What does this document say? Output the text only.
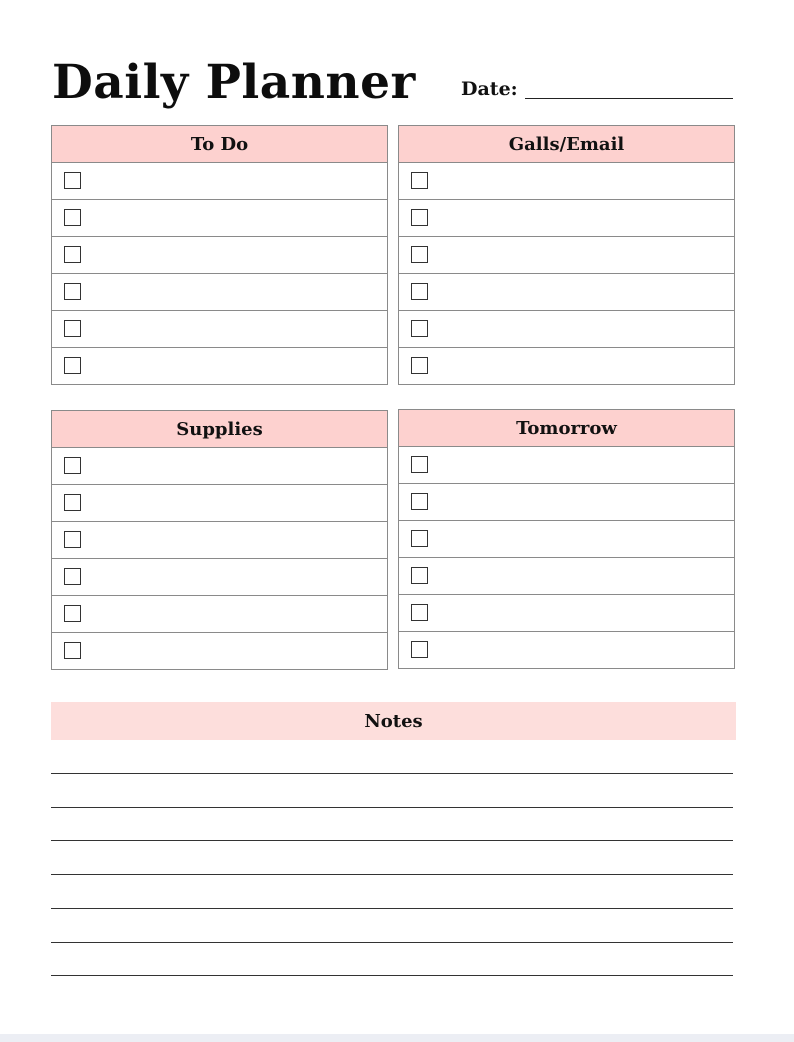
Daily Planner Date:
To Do	Galls/Email
Supplies	Tomorrow
Notes
